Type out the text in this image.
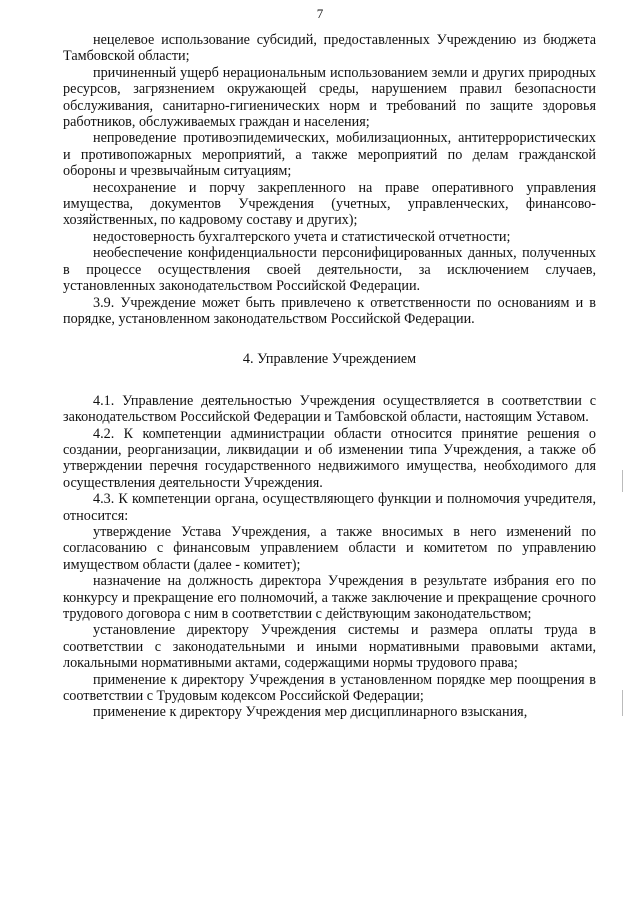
7

нецелевое использование субсидий, предоставленных Учреждению из бюджета Тамбовской области;

причиненный ущерб нерациональным использованием земли и других природных ресурсов, загрязнением окружающей среды, нарушением правил безопасности обслуживания, санитарно-гигиенических норм и требований по защите здоровья работников, обслуживаемых граждан и населения;

непроведение противоэпидемических, мобилизационных, антитеррористических и противопожарных мероприятий, а также мероприятий по делам гражданской обороны и чрезвычайным ситуациям;

несохранение и порчу закрепленного на праве оперативного управления имущества, документов Учреждения (учетных, управленческих, финансово-хозяйственных, по кадровому составу и других);

недостоверность бухгалтерского учета и статистической отчетности;

необеспечение конфиденциальности персонифицированных данных, полученных в процессе осуществления своей деятельности, за исключением случаев, установленных законодательством Российской Федерации.

3.9. Учреждение может быть привлечено к ответственности по основаниям и в порядке, установленном законодательством Российской Федерации.

4. Управление Учреждением

4.1. Управление деятельностью Учреждения осуществляется в соответствии с законодательством Российской Федерации и Тамбовской области, настоящим Уставом.

4.2. К компетенции администрации области относится принятие решения о создании, реорганизации, ликвидации и об изменении типа Учреждения, а также об утверждении перечня государственного недвижимого имущества, необходимого для осуществления деятельности Учреждения.

4.3. К компетенции органа, осуществляющего функции и полномочия учредителя, относится:

утверждение Устава Учреждения, а также вносимых в него изменений по согласованию с финансовым управлением области и комитетом по управлению имуществом области (далее - комитет);

назначение на должность директора Учреждения в результате избрания его по конкурсу и прекращение его полномочий, а также заключение и прекращение срочного трудового договора с ним в соответствии с действующим законодательством;

установление директору Учреждения системы и размера оплаты труда в соответствии с законодательными и иными нормативными правовыми актами, локальными нормативными актами, содержащими нормы трудового права;

применение к директору Учреждения в установленном порядке мер поощрения в соответствии с Трудовым кодексом Российской Федерации;

применение к директору Учреждения мер дисциплинарного взыскания,
